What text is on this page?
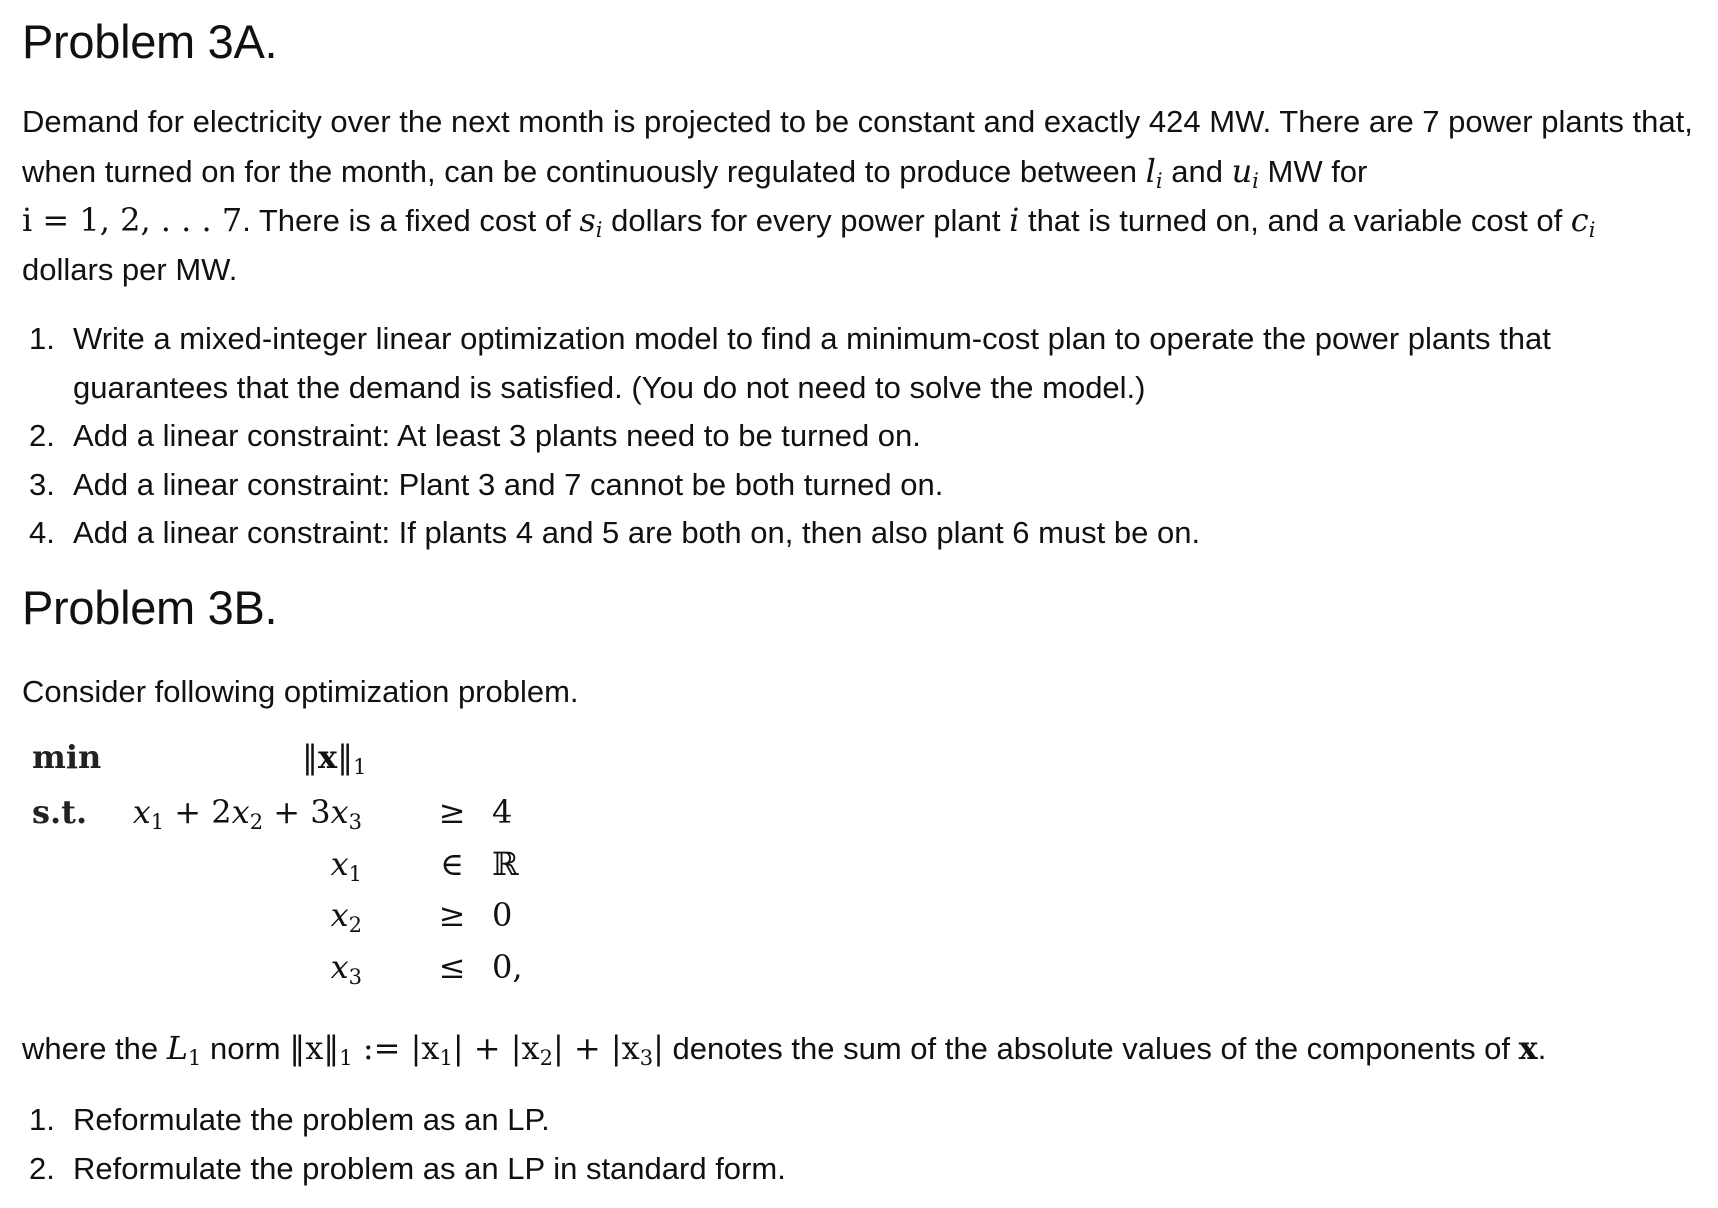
Problem 3A.

Demand for electricity over the next month is projected to be constant and exactly 424 MW. There are 7 power plants that, when turned on for the month, can be continuously regulated to produce between $l_i$ and $u_i$ MW for
i = 1, 2, . . . 7. There is a fixed cost of $s_i$ dollars for every power plant i that is turned on, and a variable cost of $c_i$
dollars per MW.

1. Write a mixed-integer linear optimization model to find a minimum-cost plan to operate the power plants that guarantees that the demand is satisfied. (You do not need to solve the model.)
2. Add a linear constraint: At least 3 plants need to be turned on.
3. Add a linear constraint: Plant 3 and 7 cannot be both turned on.
4. Add a linear constraint: If plants 4 and 5 are both on, then also plant 6 must be on.
Problem 3B.

Consider following optimization problem.

min	$‖x‖_1$
s.t. $x_1 + 2x_2 + 3x_3 \ge 4$
$x_1$ ∈ ℝ
$x_2 \ge 0$
$x_3 \le 0$,

where the $L_1$ norm $‖x‖_1$ := $|x_1| + |x_2| + |x_3|$ denotes the sum of the absolute values of the components of x.

1. Reformulate the problem as an LP.
2. Reformulate the problem as an LP in standard form.
